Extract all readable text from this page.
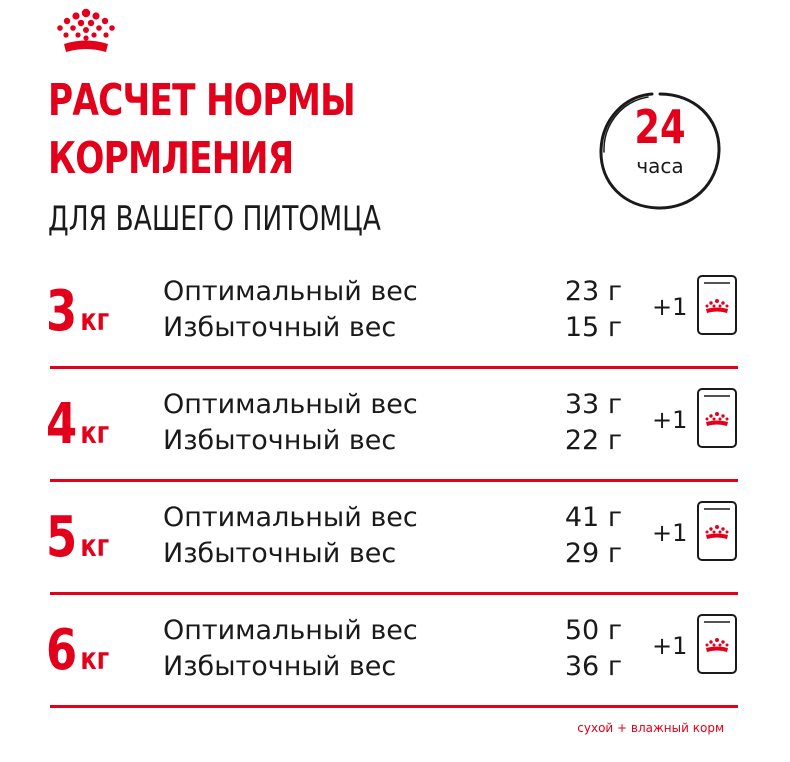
РАСЧЕТ НОРМЫ
КОРМЛЕНИЯ
ДЛЯ ВАШЕГО ПИТОМЦА
24
часа
3 кг
Оптимальный вес
Избыточный вес
23 г
15 г
+1
4 кг
Оптимальный вес
Избыточный вес
33 г
22 г
+1
5 кг
Оптимальный вес
Избыточный вес
41 г
29 г
+1
6 кг
Оптимальный вес
Избыточный вес
50 г
36 г
+1
сухой + влажный корм
